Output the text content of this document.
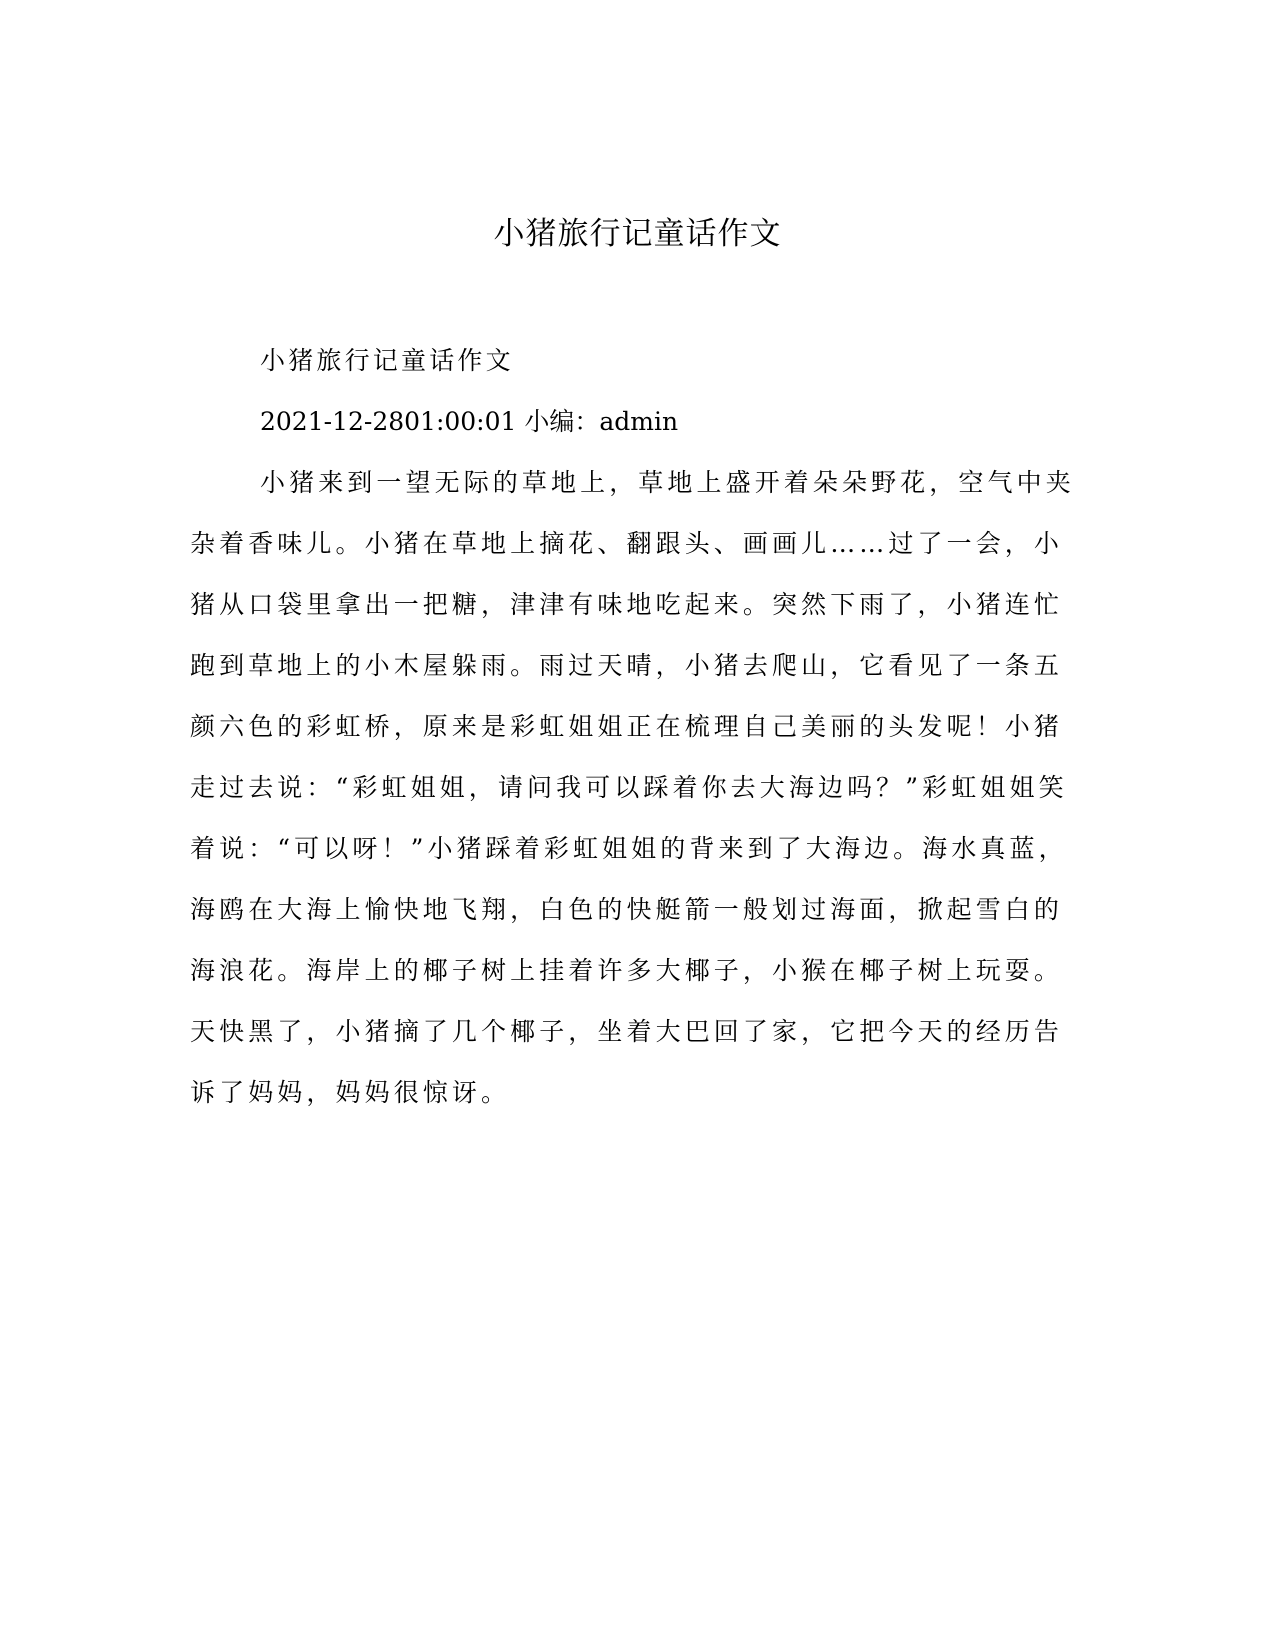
小猪旅行记童话作文
小猪旅行记童话作文
2021-12-2801:00:01 小编：admin
小猪来到一望无际的草地上，草地上盛开着朵朵野花，空气中夹
杂着香味儿。小猪在草地上摘花、翻跟头、画画儿……过了一会，小
猪从口袋里拿出一把糖，津津有味地吃起来。突然下雨了，小猪连忙
跑到草地上的小木屋躲雨。雨过天晴，小猪去爬山，它看见了一条五
颜六色的彩虹桥，原来是彩虹姐姐正在梳理自己美丽的头发呢！小猪
走过去说：“彩虹姐姐，请问我可以踩着你去大海边吗？”彩虹姐姐笑
着说：“可以呀！”小猪踩着彩虹姐姐的背来到了大海边。海水真蓝，
海鸥在大海上愉快地飞翔，白色的快艇箭一般划过海面，掀起雪白的
海浪花。海岸上的椰子树上挂着许多大椰子，小猴在椰子树上玩耍。
天快黑了，小猪摘了几个椰子，坐着大巴回了家，它把今天的经历告
诉了妈妈，妈妈很惊讶。
